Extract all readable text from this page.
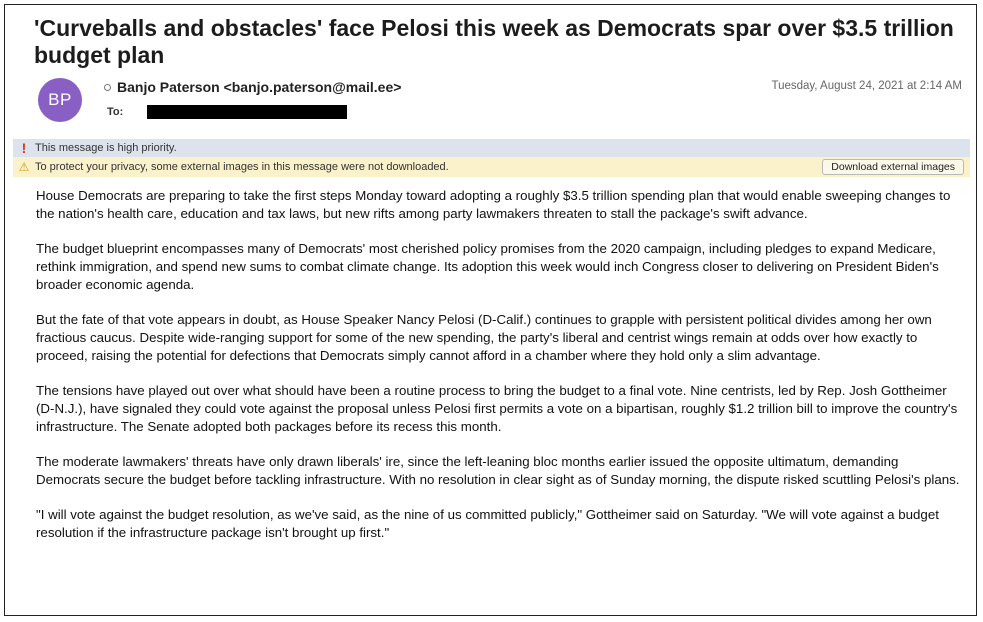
'Curveballs and obstacles' face Pelosi this week as Democrats spar over $3.5 trillion budget plan
BP
Banjo Paterson <banjo.paterson@mail.ee>	Tuesday, August 24, 2021 at 2:14 AM
To:
! This message is high priority.
⚠ To protect your privacy, some external images in this message were not downloaded.	Download external images

House Democrats are preparing to take the first steps Monday toward adopting a roughly $3.5 trillion spending plan that would enable sweeping changes to the nation's health care, education and tax laws, but new rifts among party lawmakers threaten to stall the package's swift advance.

The budget blueprint encompasses many of Democrats' most cherished policy promises from the 2020 campaign, including pledges to expand Medicare, rethink immigration, and spend new sums to combat climate change. Its adoption this week would inch Congress closer to delivering on President Biden's broader economic agenda.

But the fate of that vote appears in doubt, as House Speaker Nancy Pelosi (D-Calif.) continues to grapple with persistent political divides among her own fractious caucus. Despite wide-ranging support for some of the new spending, the party's liberal and centrist wings remain at odds over how exactly to proceed, raising the potential for defections that Democrats simply cannot afford in a chamber where they hold only a slim advantage.

The tensions have played out over what should have been a routine process to bring the budget to a final vote. Nine centrists, led by Rep. Josh Gottheimer (D-N.J.), have signaled they could vote against the proposal unless Pelosi first permits a vote on a bipartisan, roughly $1.2 trillion bill to improve the country's infrastructure. The Senate adopted both packages before its recess this month.

The moderate lawmakers' threats have only drawn liberals' ire, since the left-leaning bloc months earlier issued the opposite ultimatum, demanding Democrats secure the budget before tackling infrastructure. With no resolution in clear sight as of Sunday morning, the dispute risked scuttling Pelosi's plans.

"I will vote against the budget resolution, as we've said, as the nine of us committed publicly," Gottheimer said on Saturday. "We will vote against a budget resolution if the infrastructure package isn't brought up first."
